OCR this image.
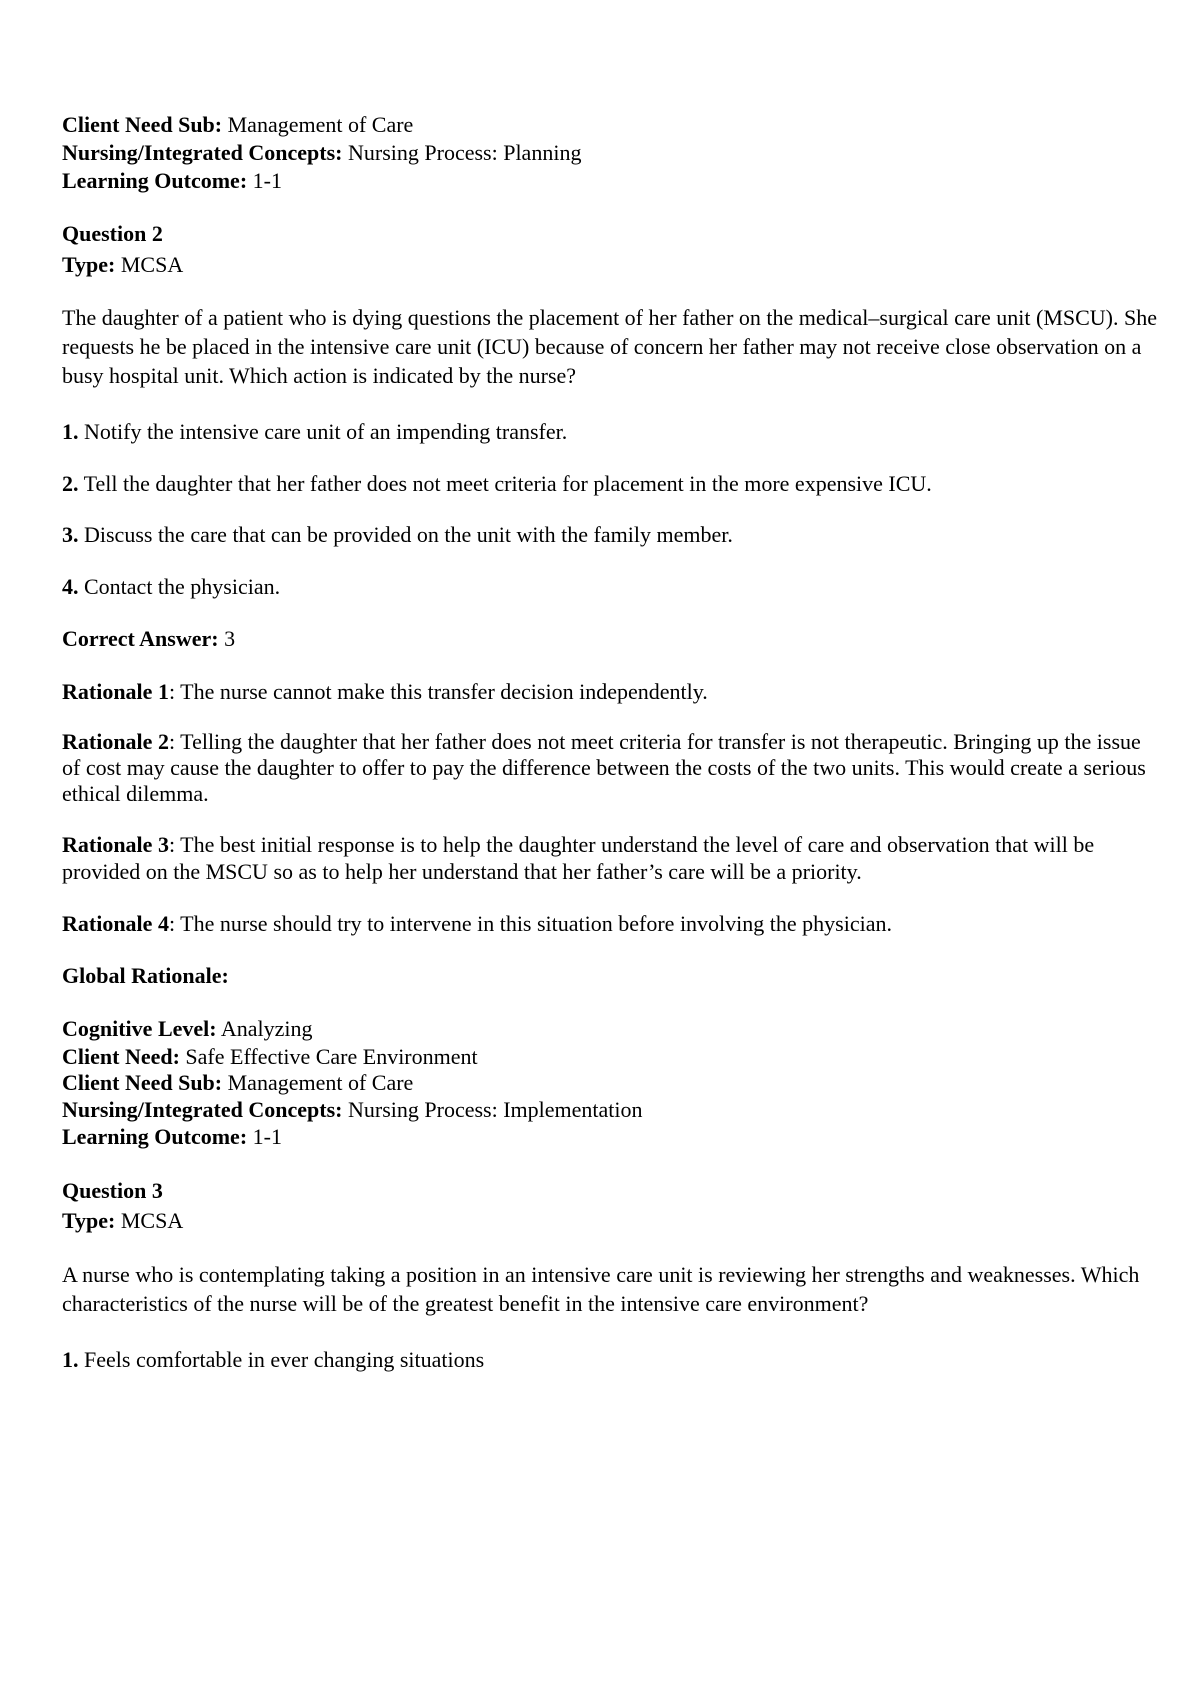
Client Need Sub: Management of Care
Nursing/Integrated Concepts: Nursing Process: Planning
Learning Outcome: 1-1
Question 2
Type: MCSA
The daughter of a patient who is dying questions the placement of her father on the medical–surgical care unit (MSCU). She requests he be placed in the intensive care unit (ICU) because of concern her father may not receive close observation on a busy hospital unit. Which action is indicated by the nurse?
1. Notify the intensive care unit of an impending transfer.
2. Tell the daughter that her father does not meet criteria for placement in the more expensive ICU.
3. Discuss the care that can be provided on the unit with the family member.
4. Contact the physician.
Correct Answer: 3
Rationale 1: The nurse cannot make this transfer decision independently.
Rationale 2: Telling the daughter that her father does not meet criteria for transfer is not therapeutic. Bringing up the issue of cost may cause the daughter to offer to pay the difference between the costs of the two units. This would create a serious ethical dilemma.
Rationale 3: The best initial response is to help the daughter understand the level of care and observation that will be provided on the MSCU so as to help her understand that her father’s care will be a priority.
Rationale 4: The nurse should try to intervene in this situation before involving the physician.
Global Rationale:
Cognitive Level: Analyzing
Client Need: Safe Effective Care Environment
Client Need Sub: Management of Care
Nursing/Integrated Concepts: Nursing Process: Implementation
Learning Outcome: 1-1
Question 3
Type: MCSA
A nurse who is contemplating taking a position in an intensive care unit is reviewing her strengths and weaknesses. Which characteristics of the nurse will be of the greatest benefit in the intensive care environment?
1. Feels comfortable in ever changing situations
